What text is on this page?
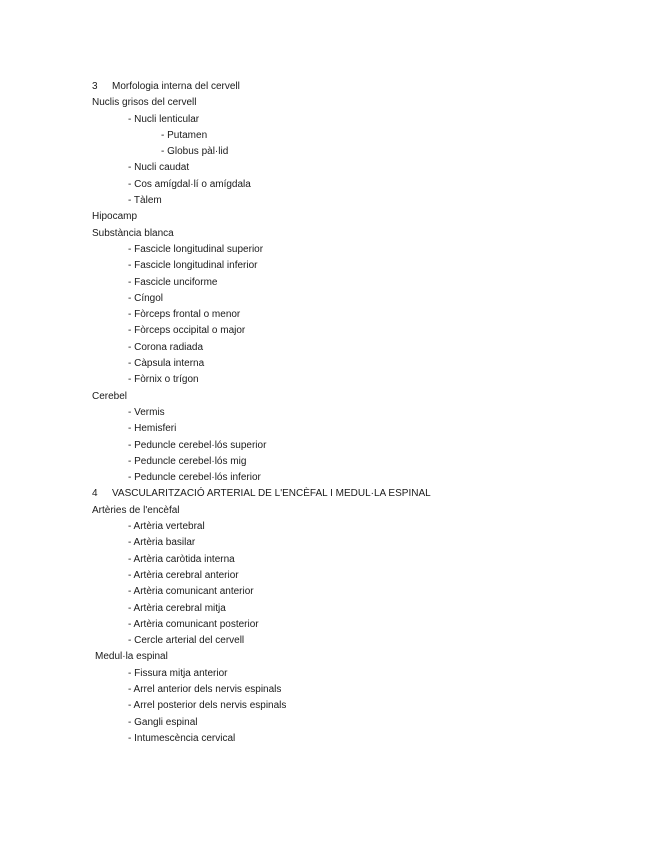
3 Morfologia interna del cervell
Nuclis grisos del cervell
- Nucli lenticular
- Putamen
- Globus pàl·lid
- Nucli caudat
- Cos amígdal·lí o amígdala
- Tàlem
Hipocamp
Substància blanca
- Fascicle longitudinal superior
- Fascicle longitudinal inferior
- Fascicle unciforme
- Cíngol
- Fòrceps frontal o menor
- Fòrceps occipital o major
- Corona radiada
- Càpsula interna
- Fòrnix o trígon
Cerebel
- Vermis
- Hemisferi
- Peduncle cerebel·lós superior
- Peduncle cerebel·lós mig
- Peduncle cerebel·lós inferior
4 VASCULARITZACIÓ ARTERIAL DE L'ENCÈFAL I MEDUL·LA ESPINAL
Artèries de l'encèfal
- Artèria vertebral
- Artèria basilar
- Artèria caròtida interna
- Artèria cerebral anterior
- Artèria comunicant anterior
- Artèria cerebral mitja
- Artèria comunicant posterior
- Cercle arterial del cervell
Medul·la espinal
- Fissura mitja anterior
- Arrel anterior dels nervis espinals
- Arrel posterior dels nervis espinals
- Gangli espinal
- Intumescència cervical
